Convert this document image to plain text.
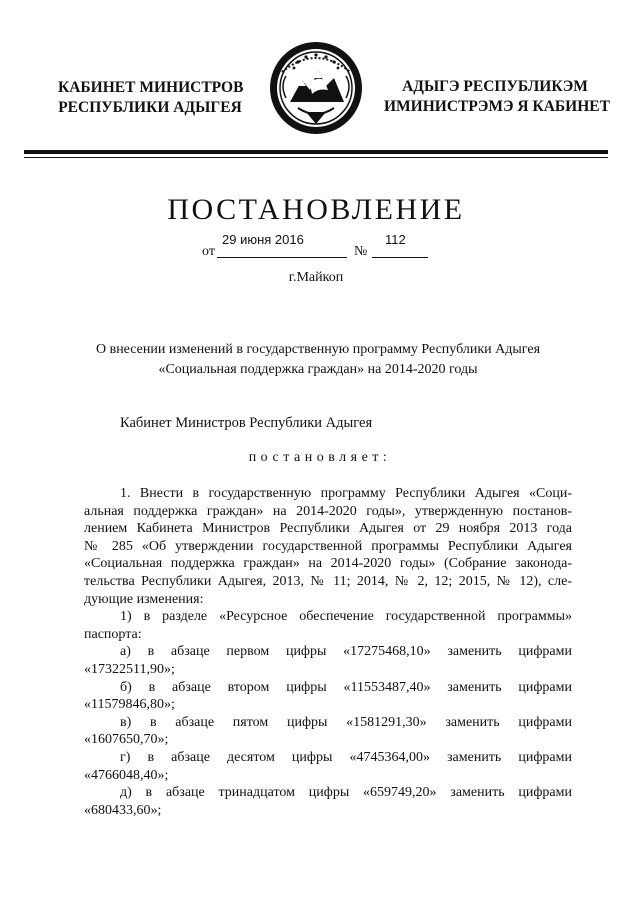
КАБИНЕТ МИНИСТРОВ
РЕСПУБЛИКИ АДЫГЕЯ
АДЫГЭ РЕСПУБЛИКЭМ
ИМИНИСТРЭМЭ Я КАБИНЕТ
ПОСТАНОВЛЕНИЕ
от
29 июня 2016
№
112
г.Майкоп
О внесении изменений в государственную программу Республики Адыгея
«Социальная поддержка граждан» на 2014-2020 годы
Кабинет Министров Республики Адыгея
постановляет:
1. Внести в государственную программу Республики Адыгея «Соци-
альная поддержка граждан» на 2014-2020 годы», утвержденную постанов-
лением Кабинета Министров Республики Адыгея от 29 ноября 2013 года
№ 285 «Об утверждении государственной программы Республики Адыгея
«Социальная поддержка граждан» на 2014-2020 годы» (Собрание законода-
тельства Республики Адыгея, 2013, № 11; 2014, № 2, 12; 2015, № 12), сле-
дующие изменения:
1) в разделе «Ресурсное обеспечение государственной программы»
паспорта:
а) в абзаце первом цифры «17275468,10» заменить цифрами
«17322511,90»;
б) в абзаце втором цифры «11553487,40» заменить цифрами
«11579846,80»;
в) в абзаце пятом цифры «1581291,30» заменить цифрами
«1607650,70»;
г) в абзаце десятом цифры «4745364,00» заменить цифрами
«4766048,40»;
д) в абзаце тринадцатом цифры «659749,20» заменить цифрами
«680433,60»;
